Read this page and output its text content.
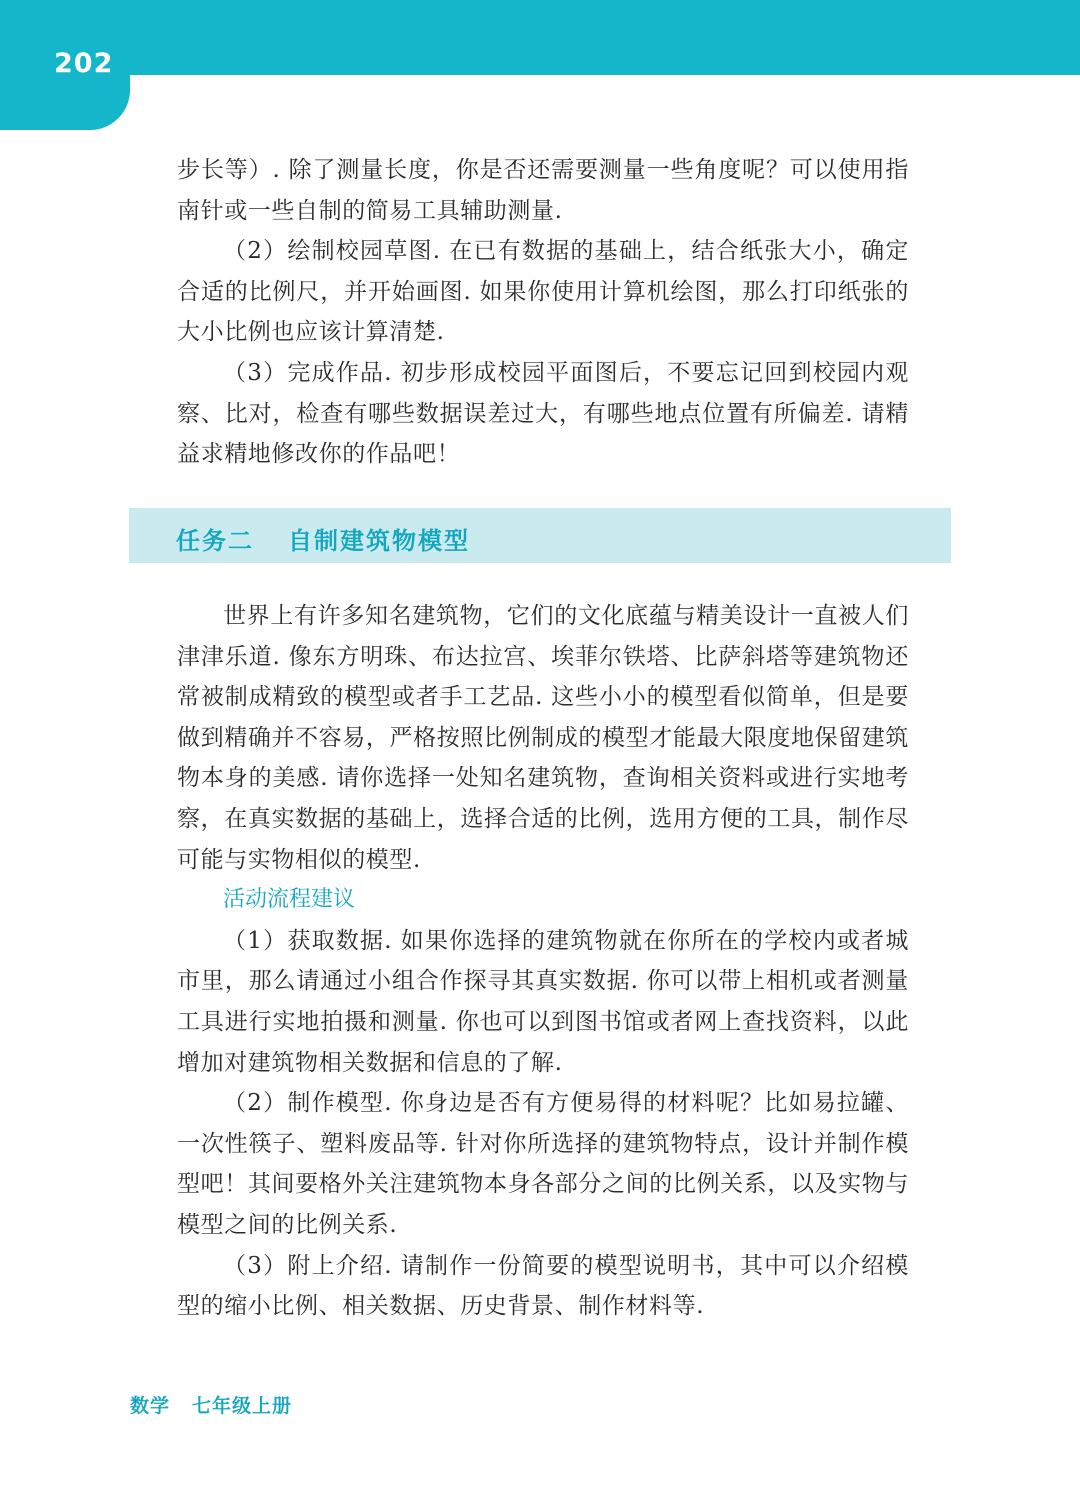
202

步长等）. 除了测量长度，你是否还需要测量一些角度呢？可以使用指南针或一些自制的简易工具辅助测量.

（2）绘制校园草图. 在已有数据的基础上，结合纸张大小，确定合适的比例尺，并开始画图. 如果你使用计算机绘图，那么打印纸张的大小比例也应该计算清楚.

（3）完成作品. 初步形成校园平面图后，不要忘记回到校园内观察、比对，检查有哪些数据误差过大，有哪些地点位置有所偏差. 请精益求精地修改你的作品吧！

任务二 自制建筑物模型

世界上有许多知名建筑物，它们的文化底蕴与精美设计一直被人们津津乐道. 像东方明珠、布达拉宫、埃菲尔铁塔、比萨斜塔等建筑物还常被制成精致的模型或者手工艺品. 这些小小的模型看似简单，但是要做到精确并不容易，严格按照比例制成的模型才能最大限度地保留建筑物本身的美感. 请你选择一处知名建筑物，查询相关资料或进行实地考察，在真实数据的基础上，选择合适的比例，选用方便的工具，制作尽可能与实物相似的模型.

活动流程建议

（1）获取数据. 如果你选择的建筑物就在你所在的学校内或者城市里，那么请通过小组合作探寻其真实数据. 你可以带上相机或者测量工具进行实地拍摄和测量. 你也可以到图书馆或者网上查找资料，以此增加对建筑物相关数据和信息的了解.

（2）制作模型. 你身边是否有方便易得的材料呢？比如易拉罐、一次性筷子、塑料废品等. 针对你所选择的建筑物特点，设计并制作模型吧！其间要格外关注建筑物本身各部分之间的比例关系，以及实物与模型之间的比例关系.

（3）附上介绍. 请制作一份简要的模型说明书，其中可以介绍模型的缩小比例、相关数据、历史背景、制作材料等.

数学 七年级上册
